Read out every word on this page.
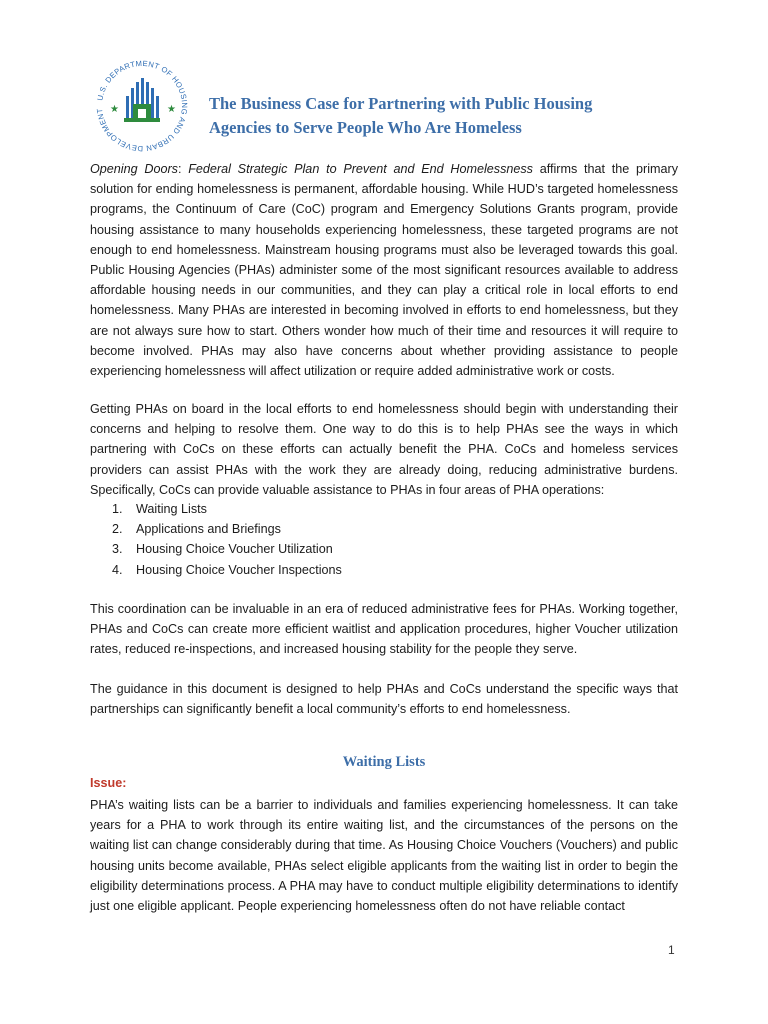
U.S. DEPARTMENT OF HOUSING AND URBAN DEVELOPMENT ★	★ The Business Case for Partnering with Public Housing
Agencies to Serve People Who Are Homeless
Opening Doors: Federal Strategic Plan to Prevent and End Homelessness affirms that the primary solution for ending homelessness is permanent, affordable housing. While HUD’s targeted homelessness programs, the Continuum of Care (CoC) program and Emergency Solutions Grants program, provide housing assistance to many households experiencing homelessness, these targeted programs are not enough to end homelessness. Mainstream housing programs must also be leveraged towards this goal. Public Housing Agencies (PHAs) administer some of the most significant resources available to address affordable housing needs in our communities, and they can play a critical role in local efforts to end homelessness. Many PHAs are interested in becoming involved in efforts to end homelessness, but they are not always sure how to start. Others wonder how much of their time and resources it will require to become involved. PHAs may also have concerns about whether providing assistance to people experiencing homelessness will affect utilization or require added administrative work or costs.
Getting PHAs on board in the local efforts to end homelessness should begin with understanding their concerns and helping to resolve them. One way to do this is to help PHAs see the ways in which partnering with CoCs on these efforts can actually benefit the PHA. CoCs and homeless services providers can assist PHAs with the work they are already doing, reducing administrative burdens. Specifically, CoCs can provide valuable assistance to PHAs in four areas of PHA operations:
1.	Waiting Lists
2.	Applications and Briefings
3.	Housing Choice Voucher Utilization
4.	Housing Choice Voucher Inspections
This coordination can be invaluable in an era of reduced administrative fees for PHAs. Working together, PHAs and CoCs can create more efficient waitlist and application procedures, higher Voucher utilization rates, reduced re-inspections, and increased housing stability for the people they serve.
The guidance in this document is designed to help PHAs and CoCs understand the specific ways that partnerships can significantly benefit a local community’s efforts to end homelessness.
Waiting Lists
Issue:
PHA’s waiting lists can be a barrier to individuals and families experiencing homelessness. It can take years for a PHA to work through its entire waiting list, and the circumstances of the persons on the waiting list can change considerably during that time. As Housing Choice Vouchers (Vouchers) and public housing units become available, PHAs select eligible applicants from the waiting list in order to begin the eligibility determinations process. A PHA may have to conduct multiple eligibility determinations to identify just one eligible applicant. People experiencing homelessness often do not have reliable contact
1
